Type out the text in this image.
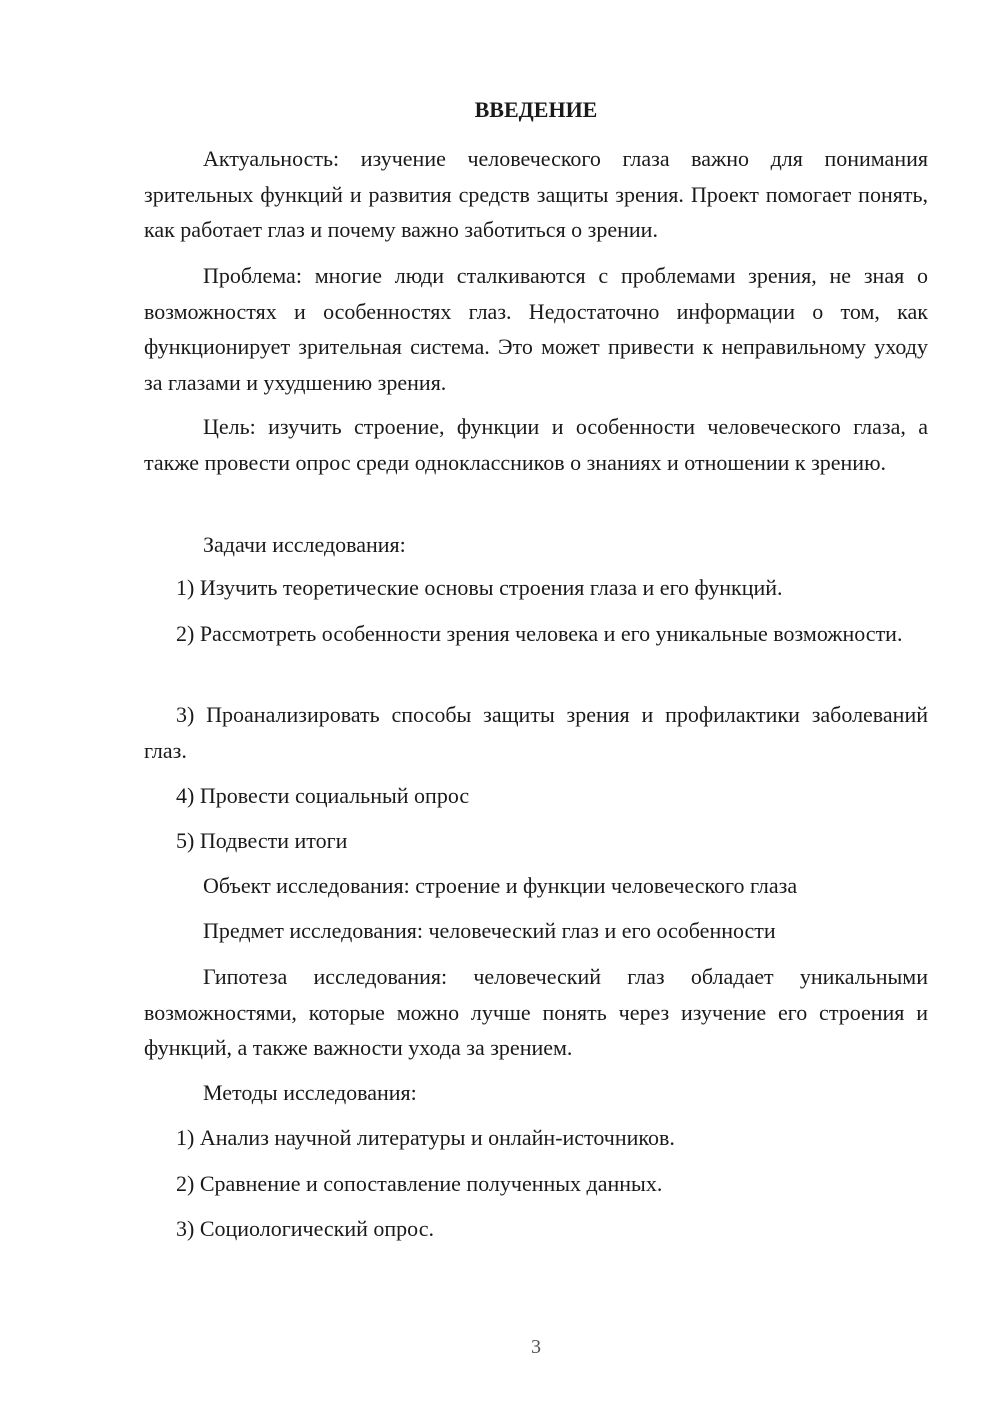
ВВЕДЕНИЕ

Актуальность: изучение человеческого глаза важно для понимания зрительных функций и развития средств защиты зрения. Проект помогает понять, как работает глаз и почему важно заботиться о зрении.

Проблема: многие люди сталкиваются с проблемами зрения, не зная о возможностях и особенностях глаз. Недостаточно информации о том, как функционирует зрительная система. Это может привести к неправильному уходу за глазами и ухудшению зрения.

Цель: изучить строение, функции и особенности человеческого глаза, а также провести опрос среди одноклассников о знаниях и отношении к зрению.

Задачи исследования:

1) Изучить теоретические основы строения глаза и его функций.

2) Рассмотреть особенности зрения человека и его уникальные возможности.

3) Проанализировать способы защиты зрения и профилактики заболеваний глаз.

4) Провести социальный опрос

5) Подвести итоги

Объект исследования: строение и функции человеческого глаза

Предмет исследования: человеческий глаз и его особенности

Гипотеза исследования: человеческий глаз обладает уникальными возможностями, которые можно лучше понять через изучение его строения и функций, а также важности ухода за зрением.

Методы исследования:

1) Анализ научной литературы и онлайн-источников.

2) Сравнение и сопоставление полученных данных.

3) Социологический опрос.

3
